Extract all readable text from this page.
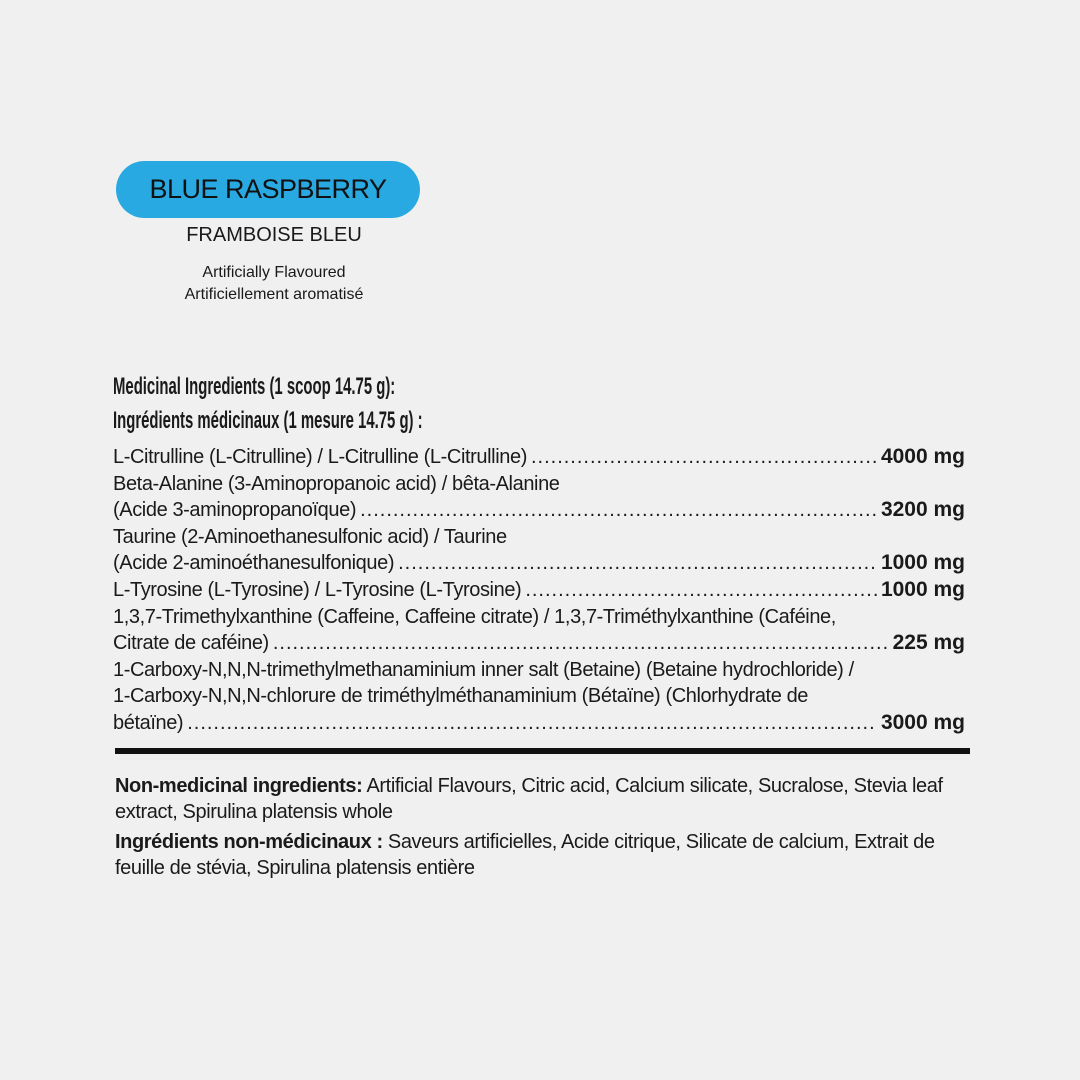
BLUE RASPBERRY
FRAMBOISE BLEU
Artificially Flavoured
Artificiellement aromatisé
Medicinal Ingredients (1 scoop 14.75 g):
Ingrédients médicinaux (1 mesure 14.75 g) :
L-Citrulline (L-Citrulline) / L-Citrulline (L-Citrulline) .....	4000 mg
Beta-Alanine (3-Aminopropanoic acid) / bêta-Alanine
(Acide 3-aminopropanoïque) .....	3200 mg
Taurine (2-Aminoethanesulfonic acid) / Taurine
(Acide 2-aminoéthanesulfonique) .....	1000 mg
L-Tyrosine (L-Tyrosine) / L-Tyrosine (L-Tyrosine) .....	1000 mg
1,3,7-Trimethylxanthine (Caffeine, Caffeine citrate) / 1,3,7-Triméthylxanthine (Caféine,
Citrate de caféine) .....	225 mg
1-Carboxy-N,N,N-trimethylmethanaminium inner salt (Betaine) (Betaine hydrochloride) /
1-Carboxy-N,N,N-chlorure de triméthylméthanaminium (Bétaïne) (Chlorhydrate de
bétaïne) .....	3000 mg
Non-medicinal ingredients: Artificial Flavours, Citric acid, Calcium silicate, Sucralose, Stevia leaf extract, Spirulina platensis whole
Ingrédients non-médicinaux : Saveurs artificielles, Acide citrique, Silicate de calcium, Extrait de feuille de stévia, Spirulina platensis entière
